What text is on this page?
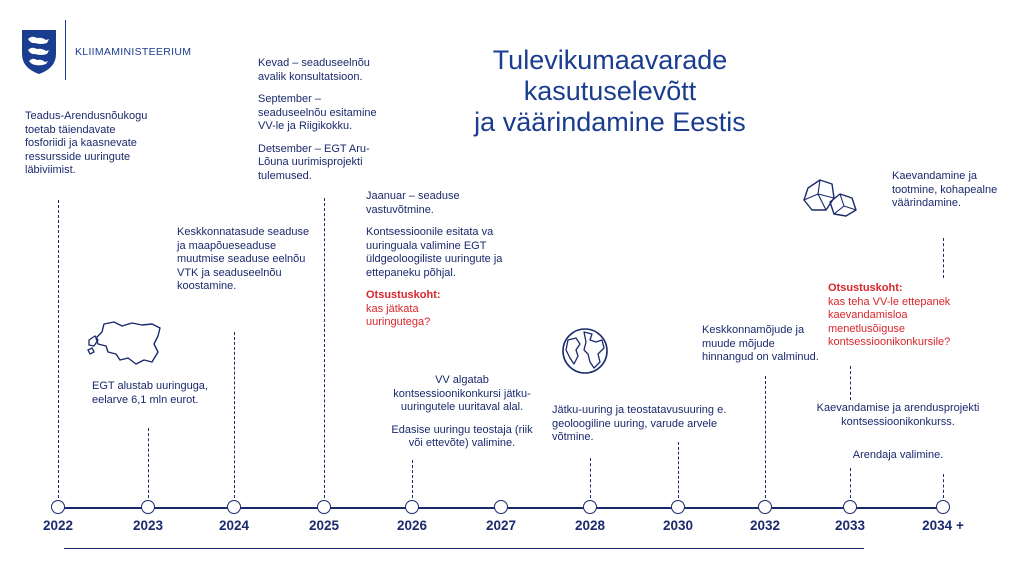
KLIIMAMINISTEERIUM	Tulevikumaavarade kasutuselevõtt
ja väärindamine Eestis
Teadus-Arendusnõukogu toetab täiendavate fosforiidi ja kaasnevate ressursside uuringute läbiviimist.
EGT alustab uuringuga, eelarve 6,1 mln eurot.
Keskkonnatasude seaduse ja maapõueseaduse muutmise seaduse eelnõu VTK ja seaduseelnõu koostamine.
Kevad – seaduseelnõu avalik konsultatsioon.
September – seaduseelnõu esitamine VV-le ja Riigikokku.
Detsember – EGT Aru-Lõuna uurimisprojekti tulemused.
Jaanuar – seaduse vastuvõtmine.
Kontsessioonile esitata va uuringuala valimine EGT üldgeoloogiliste uuringute ja ettepaneku põhjal.
Otsustuskoht:
kas jätkata uuringutega?
VV algatab kontsessioonikonkursi jätku-uuringutele uuritaval alal.
Edasise uuringu teostaja (riik või ettevõte) valimine.
Jätku-uuring ja teostatavusuuring e. geoloogiline uuring, varude arvele võtmine.
Keskkonnamõjude ja muude mõjude hinnangud on valminud.
Otsustuskoht:
kas teha VV-le ettepanek kaevandamisloa menetlusõiguse kontsessioonikonkursile?
Kaevandamise ja arendusprojekti kontsessioonikonkurss.
Arendaja valimine.
Kaevandamine ja tootmine, kohapealne väärindamine.
2022	2023	2024	2025	2026	2027	2028	2030	2032	2033	2034 +
